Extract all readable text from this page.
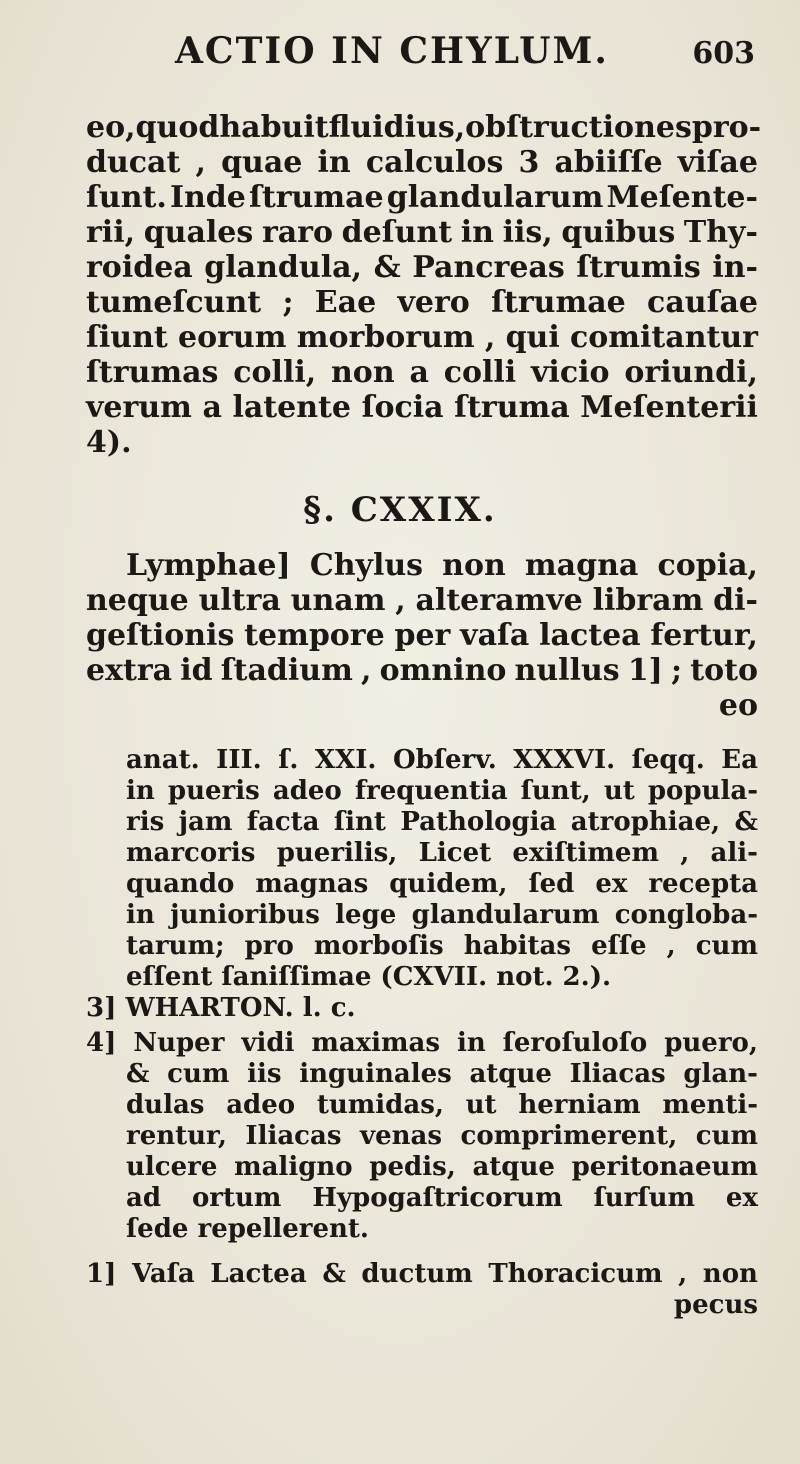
ACTIO IN CHYLUM.	603
eo, quod habuit fluidius, obſtructiones pro-
ducat , quae in calculos 3 abiiſſe viſae
ſunt. Inde ſtrumae glandularum Meſente-
rii, quales raro deſunt in iis, quibus Thy-
roidea glandula, & Pancreas ſtrumis in-
tumeſcunt ; Eae vero ſtrumae cauſae
ſiunt eorum morborum , qui comitantur
ſtrumas colli, non a colli vicio oriundi,
verum a latente ſocia ſtruma Meſenterii
4).
§. CXXIX.
Lymphae] Chylus non magna copia,
neque ultra unam , alteramve libram di-
geſtionis tempore per vaſa lactea fertur,
extra id ſtadium , omnino nullus 1] ; toto
eo
anat. III. ſ. XXI. Obſerv. XXXVI. ſeqq. Ea
in pueris adeo frequentia ſunt, ut popula-
ris jam facta ſint Pathologia atrophiae, &
marcoris puerilis, Licet exiſtimem , ali-
quando magnas quidem, ſed ex recepta
in junioribus lege glandularum congloba-
tarum; pro morboſis habitas eſſe , cum
eſſent ſaniſſimae (CXVII. not. 2.).
3] WHARTON. l. c.
4] Nuper vidi maximas in ſeroſuloſo puero,
& cum iis inguinales atque Iliacas glan-
dulas adeo tumidas, ut herniam menti-
rentur, Iliacas venas comprimerent, cum
ulcere maligno pedis, atque peritonaeum
ad ortum Hypogaſtricorum ſurſum ex
ſede repellerent.
1] Vaſa Lactea & ductum Thoracicum , non
pecus
